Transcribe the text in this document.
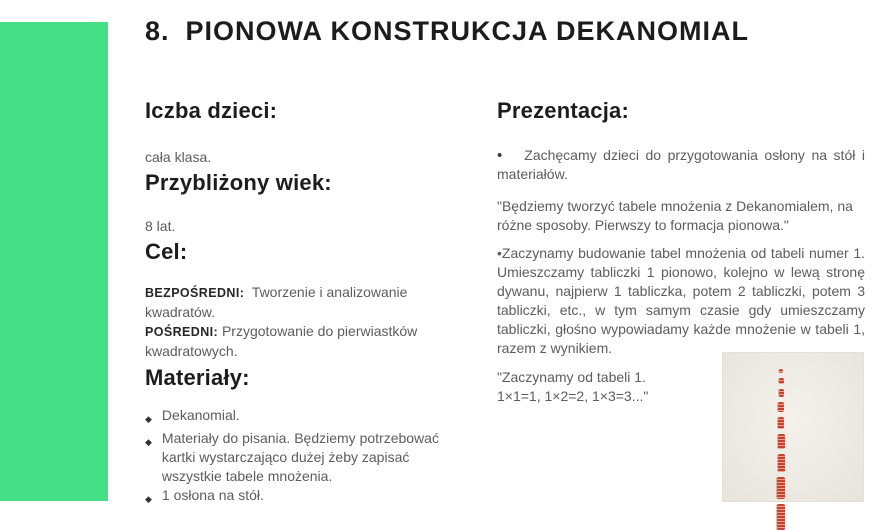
8. PIONOWA KONSTRUKCJA DEKANOMIAL
Iczba dzieci:

cała klasa.

Przybliżony wiek:

8 lat.

Cel:

BEZPOŚREDNI: Tworzenie i analizowanie kwadratów.
POŚREDNI: Przygotowanie do pierwiastków kwadratowych.

Materiały:
◆ Dekanomial.
◆ Materiały do pisania. Będziemy potrzebować kartki wystarczająco dużej żeby zapisać wszystkie tabele mnożenia.
◆ 1 osłona na stół.
Prezentacja:

• Zachęcamy dzieci do przygotowania osłony na stół i materiałów.

"Będziemy tworzyć tabele mnożenia z Dekanomialem, na różne sposoby. Pierwszy to formacja pionowa."

•Zaczynamy budowanie tabel mnożenia od tabeli numer 1. Umieszczamy tabliczki 1 pionowo, kolejno w lewą stronę dywanu, najpierw 1 tabliczka, potem 2 tabliczki, potem 3 tabliczki, etc., w tym samym czasie gdy umieszczamy tabliczki, głośno wypowiadamy każde mnożenie w tabeli 1, razem z wynikiem.

"Zaczynamy od tabeli 1.
1×1=1, 1×2=2, 1×3=3..."
